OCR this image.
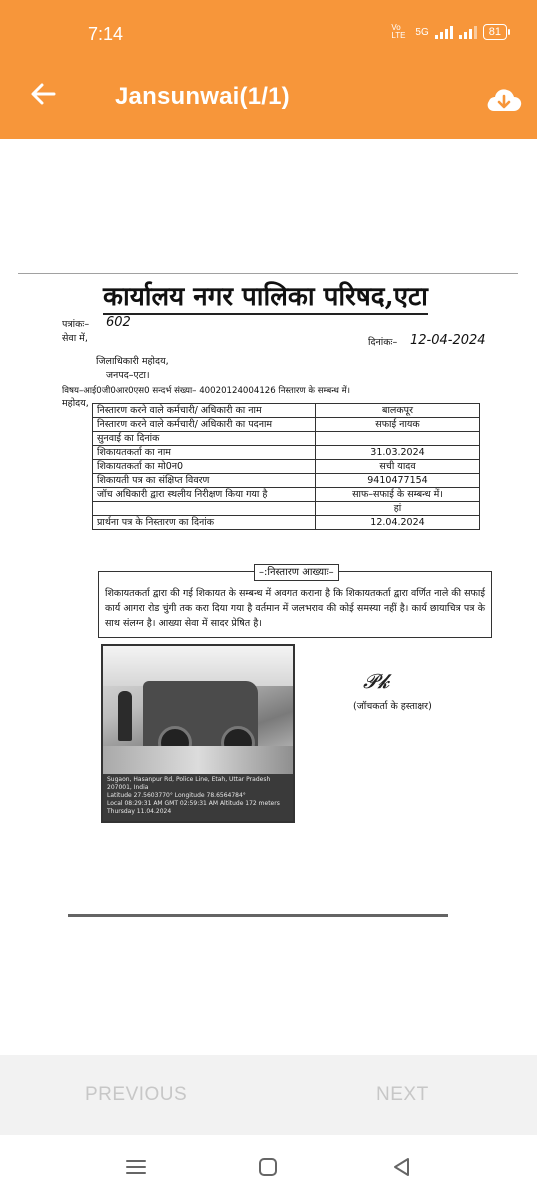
7:14	Vo LTE 5G	81
Jansunwai(1/1)
कार्यालय नगर पालिका परिषद,एटा
पत्रांकः– 602
दिनांकः– 12-04-2024
सेवा में,
जिलाधिकारी महोदय,
जनपद–एटा।
विषय–आई0जी0आर0एस0 सन्दर्भ संख्या– 40020124004126 निस्तारण के सम्बन्ध में।
महोदय,
निस्तारण करने वाले कर्मचारी/ अधिकारी का नाम	बालकपूर
निस्तारण करने वाले कर्मचारी/ अधिकारी का पदनाम	सफाई नायक
सुनवाई का दिनांक	
शिकायतकर्ता का नाम	31.03.2024
शिकायतकर्ता का मो0न0	सची यादव
शिकायती पत्र का संक्षिप्त विवरण	9410477154
जॉच अधिकारी द्वारा स्थलीय निरीक्षण किया गया है	साफ–सफाई के सम्बन्ध में।
	हां
प्रार्थना पत्र के निस्तारण का दिनांक	12.04.2024
–:निस्तारण आख्याः–
शिकायतकर्ता द्वारा की गई शिकायत के सम्बन्ध में अवगत कराना है कि शिकायतकर्ता द्वारा वर्णित नाले की सफाई कार्य आगरा रोड चुंगी तक करा दिया गया है वर्तमान में जलभराव की कोई समस्या नहीं है। कार्य छायाचित्र पत्र के साथ संलग्न है। आख्या सेवा में सादर प्रेषित है।
Sugaon, Hasanpur Rd, Police Line, Etah, Uttar Pradesh 207001, India
Latitude 27.5603770° Longitude 78.6564784°
Local 08:29:31 AM GMT 02:59:31 AM Altitude 172 meters Thursday 11.04.2024
𝓟𝓴
(जॉचकर्ता के हस्ताक्षर)
PREVIOUS	NEXT
